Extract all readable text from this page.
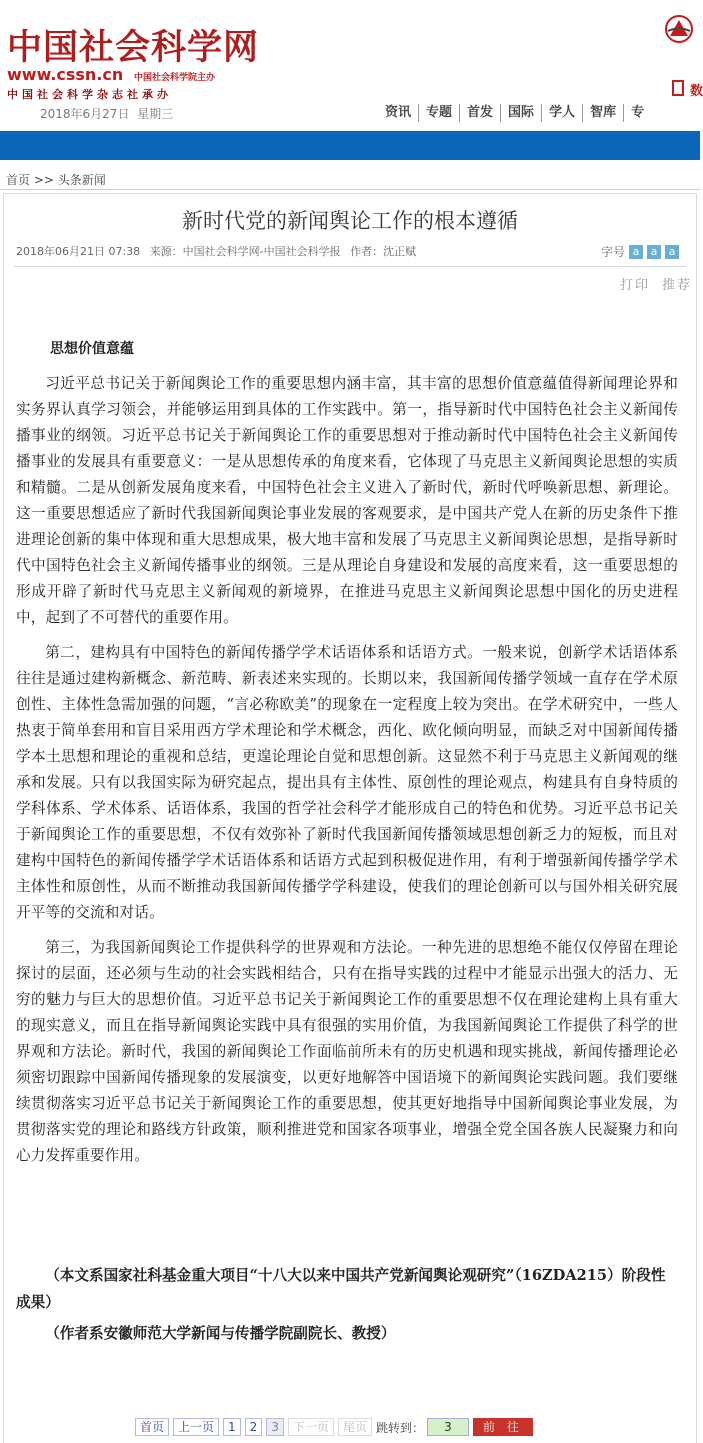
中国社会科学网
www.cssn.cn 中国社会科学院主办
中国社会科学杂志社承办
2018年6月27日 星期三
数
资讯	专题	首发	国际	学人	智库	专
首页 >> 头条新闻
新时代党的新闻舆论工作的根本遵循
2018年06月21日 07:38 来源：中国社会科学网-中国社会科学报 作者：沈正赋	字号 a	a	a
打印 推荐
思想价值意蕴

习近平总书记关于新闻舆论工作的重要思想内涵丰富，其丰富的思想价值意蕴值得新闻理论界和实务界认真学习领会，并能够运用到具体的工作实践中。第一，指导新时代中国特色社会主义新闻传播事业的纲领。习近平总书记关于新闻舆论工作的重要思想对于推动新时代中国特色社会主义新闻传播事业的发展具有重要意义：一是从思想传承的角度来看，它体现了马克思主义新闻舆论思想的实质和精髓。二是从创新发展角度来看，中国特色社会主义进入了新时代，新时代呼唤新思想、新理论。这一重要思想适应了新时代我国新闻舆论事业发展的客观要求，是中国共产党人在新的历史条件下推进理论创新的集中体现和重大思想成果，极大地丰富和发展了马克思主义新闻舆论思想，是指导新时代中国特色社会主义新闻传播事业的纲领。三是从理论自身建设和发展的高度来看，这一重要思想的形成开辟了新时代马克思主义新闻观的新境界，在推进马克思主义新闻舆论思想中国化的历史进程中，起到了不可替代的重要作用。

第二，建构具有中国特色的新闻传播学学术话语体系和话语方式。一般来说，创新学术话语体系往往是通过建构新概念、新范畴、新表述来实现的。长期以来，我国新闻传播学领域一直存在学术原创性、主体性急需加强的问题，“言必称欧美”的现象在一定程度上较为突出。在学术研究中，一些人热衷于简单套用和盲目采用西方学术理论和学术概念，西化、欧化倾向明显，而缺乏对中国新闻传播学本土思想和理论的重视和总结，更遑论理论自觉和思想创新。这显然不利于马克思主义新闻观的继承和发展。只有以我国实际为研究起点，提出具有主体性、原创性的理论观点，构建具有自身特质的学科体系、学术体系、话语体系，我国的哲学社会科学才能形成自己的特色和优势。习近平总书记关于新闻舆论工作的重要思想，不仅有效弥补了新时代我国新闻传播领域思想创新乏力的短板，而且对建构中国特色的新闻传播学学术话语体系和话语方式起到积极促进作用，有利于增强新闻传播学学术主体性和原创性，从而不断推动我国新闻传播学学科建设，使我们的理论创新可以与国外相关研究展开平等的交流和对话。

第三，为我国新闻舆论工作提供科学的世界观和方法论。一种先进的思想绝不能仅仅停留在理论探讨的层面，还必须与生动的社会实践相结合，只有在指导实践的过程中才能显示出强大的活力、无穷的魅力与巨大的思想价值。习近平总书记关于新闻舆论工作的重要思想不仅在理论建构上具有重大的现实意义，而且在指导新闻舆论实践中具有很强的实用价值，为我国新闻舆论工作提供了科学的世界观和方法论。新时代，我国的新闻舆论工作面临前所未有的历史机遇和现实挑战，新闻传播理论必须密切跟踪中国新闻传播现象的发展演变，以更好地解答中国语境下的新闻舆论实践问题。我们要继续贯彻落实习近平总书记关于新闻舆论工作的重要思想，使其更好地指导中国新闻舆论事业发展，为贯彻落实党的理论和路线方针政策，顺利推进党和国家各项事业，增强全党全国各族人民凝聚力和向心力发挥重要作用。

（本文系国家社科基金重大项目“十八大以来中国共产党新闻舆论观研究”（16ZDA215）阶段性成果）
（作者系安徽师范大学新闻与传播学院副院长、教授）
首页	上一页	1	2	3	下一页	尾页 跳转到：	3	前 往
